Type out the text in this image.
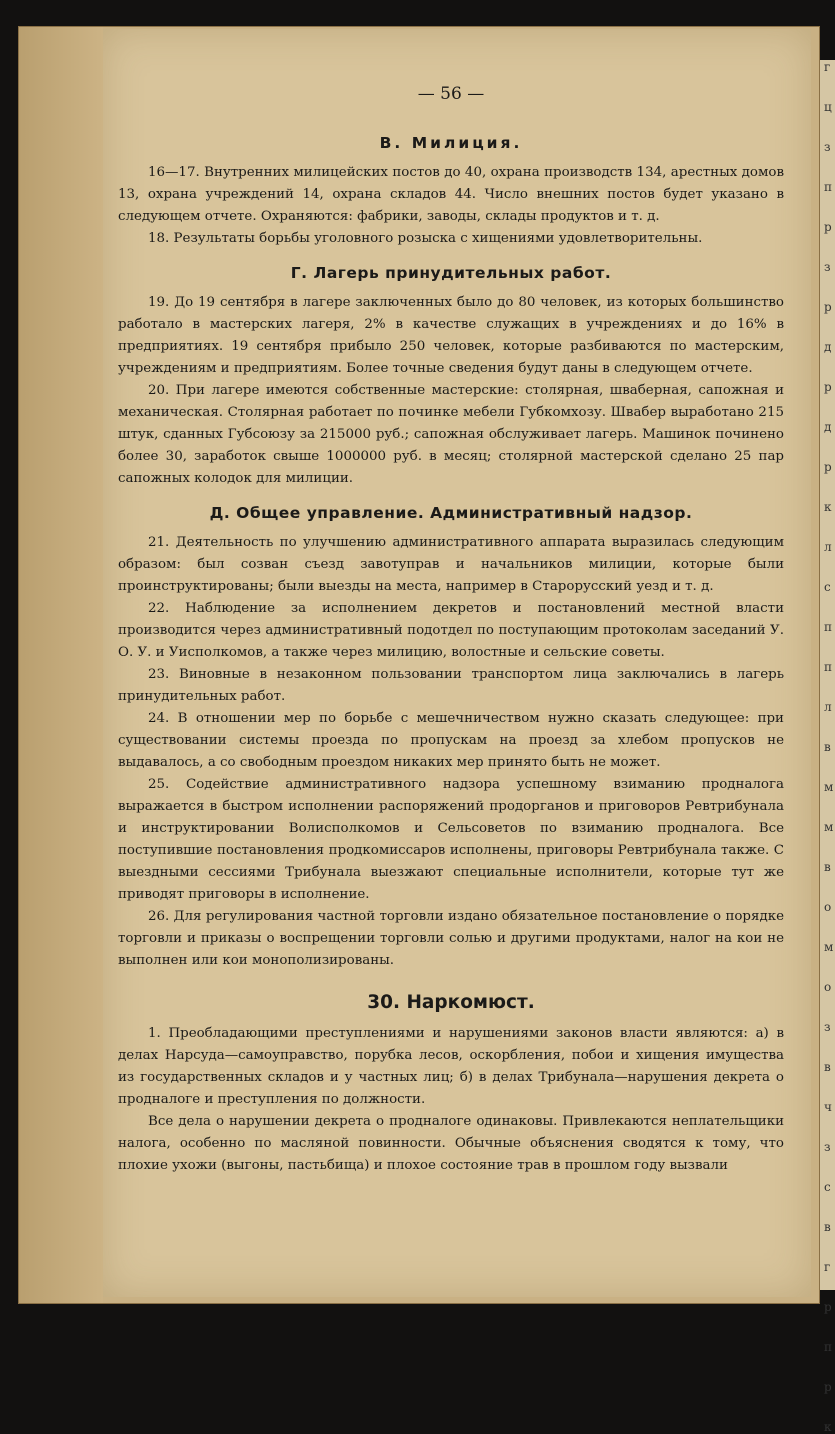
г
ц
з
п
р
з
р
д
р
д
р
к
л
с
п
п
л
в
м
м
в
о
м
о
з
в
ч
з
с
в
г
р
п
р
к
— 56 —
В. Милиция.

16—17. Внутренних милицейских постов до 40, охрана производств 134, арестных домов 13, охрана учреждений 14, охрана складов 44. Число внешних постов будет указано в следующем отчете. Охраняются: фабрики, заводы, склады продуктов и т. д.

18. Результаты борьбы уголовного розыска с хищениями удовлетворительны.

Г. Лагерь принудительных работ.

19. До 19 сентября в лагере заключенных было до 80 человек, из которых большинство работало в мастерских лагеря, 2% в качестве служащих в учреждениях и до 16% в предприятиях. 19 сентября прибыло 250 человек, которые разбиваются по мастерским, учреждениям и предприятиям. Более точные сведения будут даны в следующем отчете.

20. При лагере имеются собственные мастерские: столярная, шваберная, сапожная и механическая. Столярная работает по починке мебели Губкомхозу. Швабер выработано 215 штук, сданных Губсоюзу за 215000 руб.; сапожная обслуживает лагерь. Машинок починено более 30, заработок свыше 1000000 руб. в месяц; столярной мастерской сделано 25 пар сапожных колодок для милиции.

Д. Общее управление. Административный надзор.

21. Деятельность по улучшению административного аппарата выразилась следующим образом: был созван съезд завотуправ и начальников милиции, которые были проинструктированы; были выезды на места, например в Старорусский уезд и т. д.

22. Наблюдение за исполнением декретов и постановлений местной власти производится через административный подотдел по поступающим протоколам заседаний У. О. У. и Уисполкомов, а также через милицию, волостные и сельские советы.

23. Виновные в незаконном пользовании транспортом лица заключались в лагерь принудительных работ.

24. В отношении мер по борьбе с мешечничеством нужно сказать следующее: при существовании системы проезда по пропускам на проезд за хлебом пропусков не выдавалось, а со свободным проездом никаких мер принято быть не может.

25. Содействие административного надзора успешному взиманию продналога выражается в быстром исполнении распоряжений продорганов и приговоров Ревтрибунала и инструктировании Волисполкомов и Сельсоветов по взиманию продналога. Все поступившие постановления продкомиссаров исполнены, приговоры Ревтрибунала также. С выездными сессиями Трибунала выезжают специальные исполнители, которые тут же приводят приговоры в исполнение.

26. Для регулирования частной торговли издано обязательное постановление о порядке торговли и приказы о воспрещении торговли солью и другими продуктами, налог на кои не выполнен или кои монополизированы.

30. Наркомюст.

1. Преобладающими преступлениями и нарушениями законов власти являются: а) в делах Нарсуда—самоуправство, порубка лесов, оскорбления, побои и хищения имущества из государственных складов и у частных лиц; б) в делах Трибунала—нарушения декрета о продналоге и преступления по должности.

Все дела о нарушении декрета о продналоге одинаковы. Привлекаются неплательщики налога, особенно по масляной повинности. Обычные объяснения сводятся к тому, что плохие ухожи (выгоны, пастьбища) и плохое состояние трав в прошлом году вызвали
